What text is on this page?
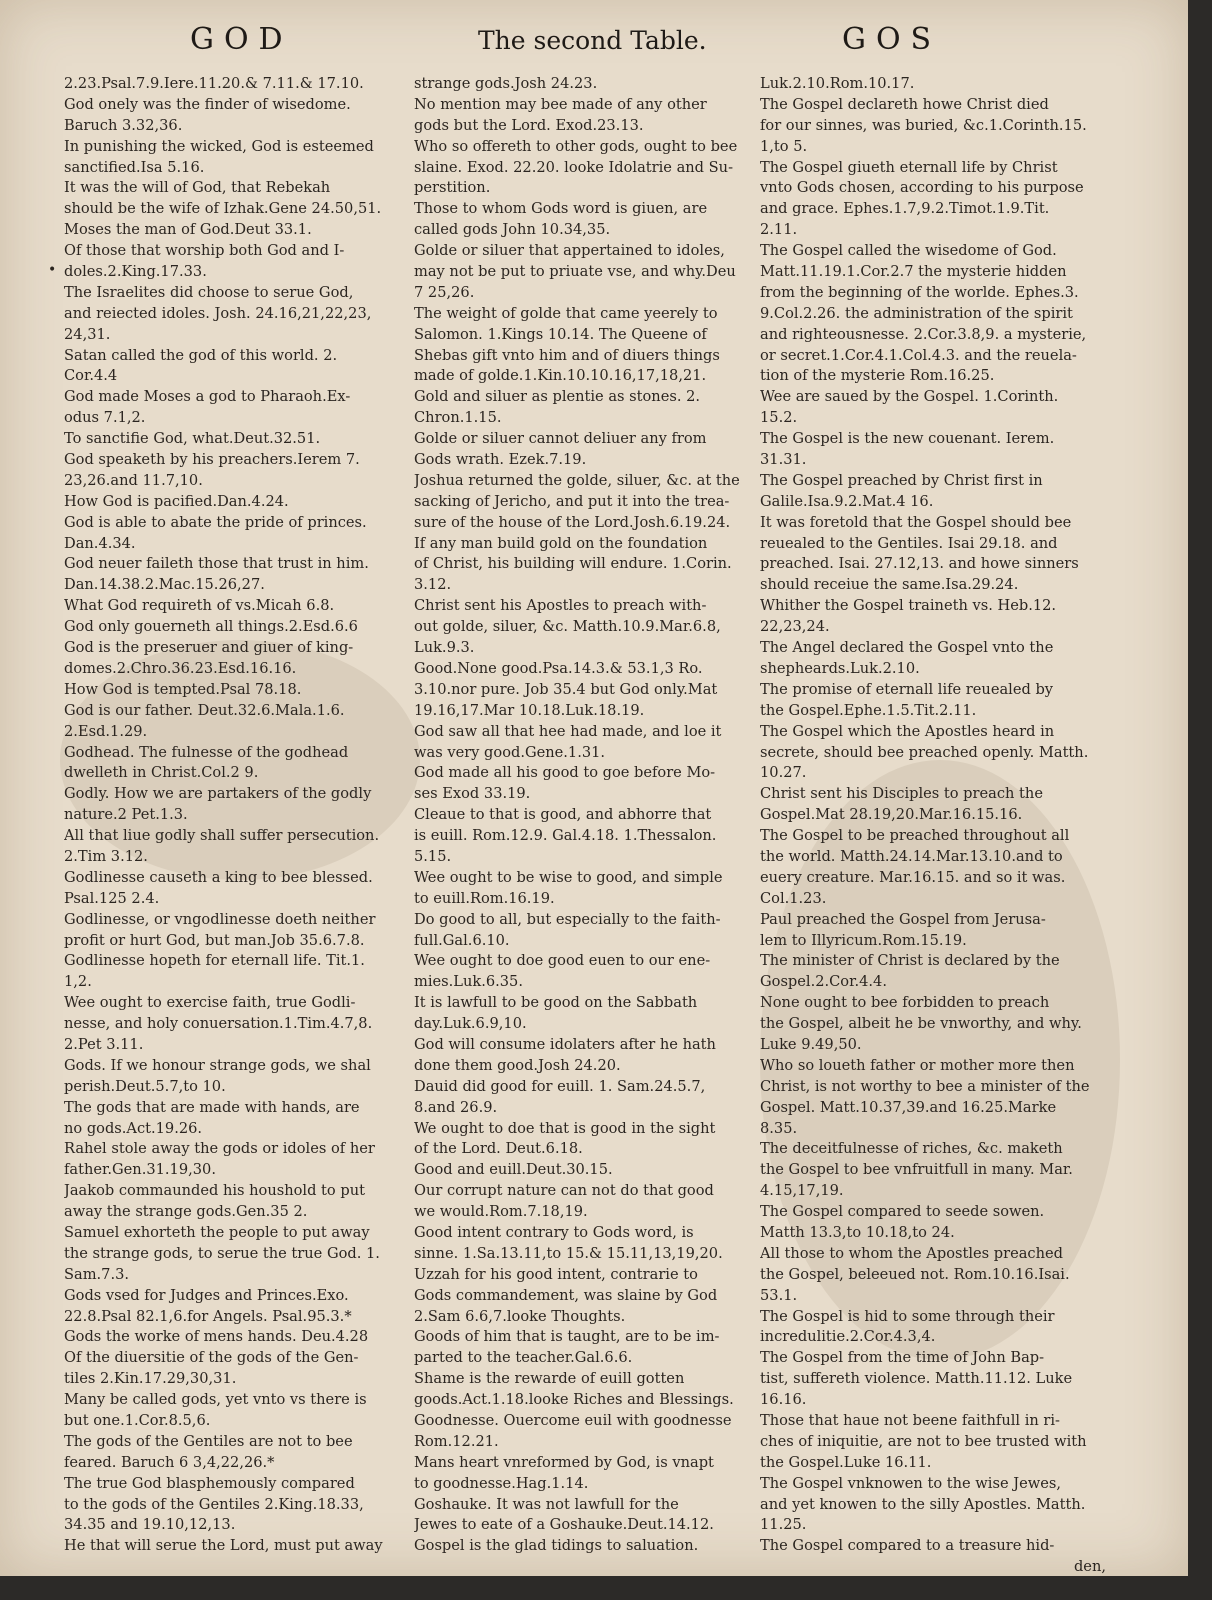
GOD	The second Table.	GOS
•
2.23.Psal.7.9.Iere.11.20.& 7.11.& 17.10.
God onely was the finder of wisedome.
Baruch 3.32,36.
In punishing the wicked, God is esteemed
sanctified.Isa 5.16.
It was the will of God, that Rebekah
should be the wife of Izhak.Gene 24.50,51.
Moses the man of God.Deut 33.1.
Of those that worship both God and I-
doles.2.King.17.33.
The Israelites did choose to serue God,
and reiected idoles. Josh. 24.16,21,22,23,
24,31.
Satan called the god of this world. 2.
Cor.4.4
God made Moses a god to Pharaoh.Ex-
odus 7.1,2.
To sanctifie God, what.Deut.32.51.
God speaketh by his preachers.Ierem 7.
23,26.and 11.7,10.
How God is pacified.Dan.4.24.
God is able to abate the pride of princes.
Dan.4.34.
God neuer faileth those that trust in him.
Dan.14.38.2.Mac.15.26,27.
What God requireth of vs.Micah 6.8.
God only gouerneth all things.2.Esd.6.6
God is the preseruer and giuer of king-
domes.2.Chro.36.23.Esd.16.16.
How God is tempted.Psal 78.18.
God is our father. Deut.32.6.Mala.1.6.
2.Esd.1.29.
Godhead. The fulnesse of the godhead
dwelleth in Christ.Col.2 9.
Godly. How we are partakers of the godly
nature.2 Pet.1.3.
All that liue godly shall suffer persecution.
2.Tim 3.12.
Godlinesse causeth a king to bee blessed.
Psal.125 2.4.
Godlinesse, or vngodlinesse doeth neither
profit or hurt God, but man.Job 35.6.7.8.
Godlinesse hopeth for eternall life. Tit.1.
1,2.
Wee ought to exercise faith, true Godli-
nesse, and holy conuersation.1.Tim.4.7,8.
2.Pet 3.11.
Gods. If we honour strange gods, we shal
perish.Deut.5.7,to 10.
The gods that are made with hands, are
no gods.Act.19.26.
Rahel stole away the gods or idoles of her
father.Gen.31.19,30.
Jaakob commaunded his houshold to put
away the strange gods.Gen.35 2.
Samuel exhorteth the people to put away
the strange gods, to serue the true God. 1.
Sam.7.3.
Gods vsed for Judges and Princes.Exo.
22.8.Psal 82.1,6.for Angels. Psal.95.3.*
Gods the worke of mens hands. Deu.4.28
Of the diuersitie of the gods of the Gen-
tiles 2.Kin.17.29,30,31.
Many be called gods, yet vnto vs there is
but one.1.Cor.8.5,6.
The gods of the Gentiles are not to bee
feared. Baruch 6 3,4,22,26.*
The true God blasphemously compared
to the gods of the Gentiles 2.King.18.33,
34.35 and 19.10,12,13.
He that will serue the Lord, must put away
strange gods.Josh 24.23.
No mention may bee made of any other
gods but the Lord. Exod.23.13.
Who so offereth to other gods, ought to bee
slaine. Exod. 22.20. looke Idolatrie and Su-
perstition.
Those to whom Gods word is giuen, are
called gods John 10.34,35.
Golde or siluer that appertained to idoles,
may not be put to priuate vse, and why.Deu
7 25,26.
The weight of golde that came yeerely to
Salomon. 1.Kings 10.14. The Queene of
Shebas gift vnto him and of diuers things
made of golde.1.Kin.10.10.16,17,18,21.
Gold and siluer as plentie as stones. 2.
Chron.1.15.
Golde or siluer cannot deliuer any from
Gods wrath. Ezek.7.19.
Joshua returned the golde, siluer, &c. at the
sacking of Jericho, and put it into the trea-
sure of the house of the Lord.Josh.6.19.24.
If any man build gold on the foundation
of Christ, his building will endure. 1.Corin.
3.12.
Christ sent his Apostles to preach with-
out golde, siluer, &c. Matth.10.9.Mar.6.8,
Luk.9.3.
Good.None good.Psa.14.3.& 53.1,3 Ro.
3.10.nor pure. Job 35.4 but God only.Mat
19.16,17.Mar 10.18.Luk.18.19.
God saw all that hee had made, and loe it
was very good.Gene.1.31.
God made all his good to goe before Mo-
ses Exod 33.19.
Cleaue to that is good, and abhorre that
is euill. Rom.12.9. Gal.4.18. 1.Thessalon.
5.15.
Wee ought to be wise to good, and simple
to euill.Rom.16.19.
Do good to all, but especially to the faith-
full.Gal.6.10.
Wee ought to doe good euen to our ene-
mies.Luk.6.35.
It is lawfull to be good on the Sabbath
day.Luk.6.9,10.
God will consume idolaters after he hath
done them good.Josh 24.20.
Dauid did good for euill. 1. Sam.24.5.7,
8.and 26.9.
We ought to doe that is good in the sight
of the Lord. Deut.6.18.
Good and euill.Deut.30.15.
Our corrupt nature can not do that good
we would.Rom.7.18,19.
Good intent contrary to Gods word, is
sinne. 1.Sa.13.11,to 15.& 15.11,13,19,20.
Uzzah for his good intent, contrarie to
Gods commandement, was slaine by God
2.Sam 6.6,7.looke Thoughts.
Goods of him that is taught, are to be im-
parted to the teacher.Gal.6.6.
Shame is the rewarde of euill gotten
goods.Act.1.18.looke Riches and Blessings.
Goodnesse. Ouercome euil with goodnesse
Rom.12.21.
Mans heart vnreformed by God, is vnapt
to goodnesse.Hag.1.14.
Goshauke. It was not lawfull for the
Jewes to eate of a Goshauke.Deut.14.12.
Gospel is the glad tidings to saluation.
Luk.2.10.Rom.10.17.
The Gospel declareth howe Christ died
for our sinnes, was buried, &c.1.Corinth.15.
1,to 5.
The Gospel giueth eternall life by Christ
vnto Gods chosen, according to his purpose
and grace. Ephes.1.7,9.2.Timot.1.9.Tit.
2.11.
The Gospel called the wisedome of God.
Matt.11.19.1.Cor.2.7 the mysterie hidden
from the beginning of the worlde. Ephes.3.
9.Col.2.26. the administration of the spirit
and righteousnesse. 2.Cor.3.8,9. a mysterie,
or secret.1.Cor.4.1.Col.4.3. and the reuela-
tion of the mysterie Rom.16.25.
Wee are saued by the Gospel. 1.Corinth.
15.2.
The Gospel is the new couenant. Ierem.
31.31.
The Gospel preached by Christ first in
Galile.Isa.9.2.Mat.4 16.
It was foretold that the Gospel should bee
reuealed to the Gentiles. Isai 29.18. and
preached. Isai. 27.12,13. and howe sinners
should receiue the same.Isa.29.24.
Whither the Gospel traineth vs. Heb.12.
22,23,24.
The Angel declared the Gospel vnto the
shepheards.Luk.2.10.
The promise of eternall life reuealed by
the Gospel.Ephe.1.5.Tit.2.11.
The Gospel which the Apostles heard in
secrete, should bee preached openly. Matth.
10.27.
Christ sent his Disciples to preach the
Gospel.Mat 28.19,20.Mar.16.15.16.
The Gospel to be preached throughout all
the world. Matth.24.14.Mar.13.10.and to
euery creature. Mar.16.15. and so it was.
Col.1.23.
Paul preached the Gospel from Jerusa-
lem to Illyricum.Rom.15.19.
The minister of Christ is declared by the
Gospel.2.Cor.4.4.
None ought to bee forbidden to preach
the Gospel, albeit he be vnworthy, and why.
Luke 9.49,50.
Who so loueth father or mother more then
Christ, is not worthy to bee a minister of the
Gospel. Matt.10.37,39.and 16.25.Marke
8.35.
The deceitfulnesse of riches, &c. maketh
the Gospel to bee vnfruitfull in many. Mar.
4.15,17,19.
The Gospel compared to seede sowen.
Matth 13.3,to 10.18,to 24.
All those to whom the Apostles preached
the Gospel, beleeued not. Rom.10.16.Isai.
53.1.
The Gospel is hid to some through their
incredulitie.2.Cor.4.3,4.
The Gospel from the time of John Bap-
tist, suffereth violence. Matth.11.12. Luke
16.16.
Those that haue not beene faithfull in ri-
ches of iniquitie, are not to bee trusted with
the Gospel.Luke 16.11.
The Gospel vnknowen to the wise Jewes,
and yet knowen to the silly Apostles. Matth.
11.25.
The Gospel compared to a treasure hid-
den,
